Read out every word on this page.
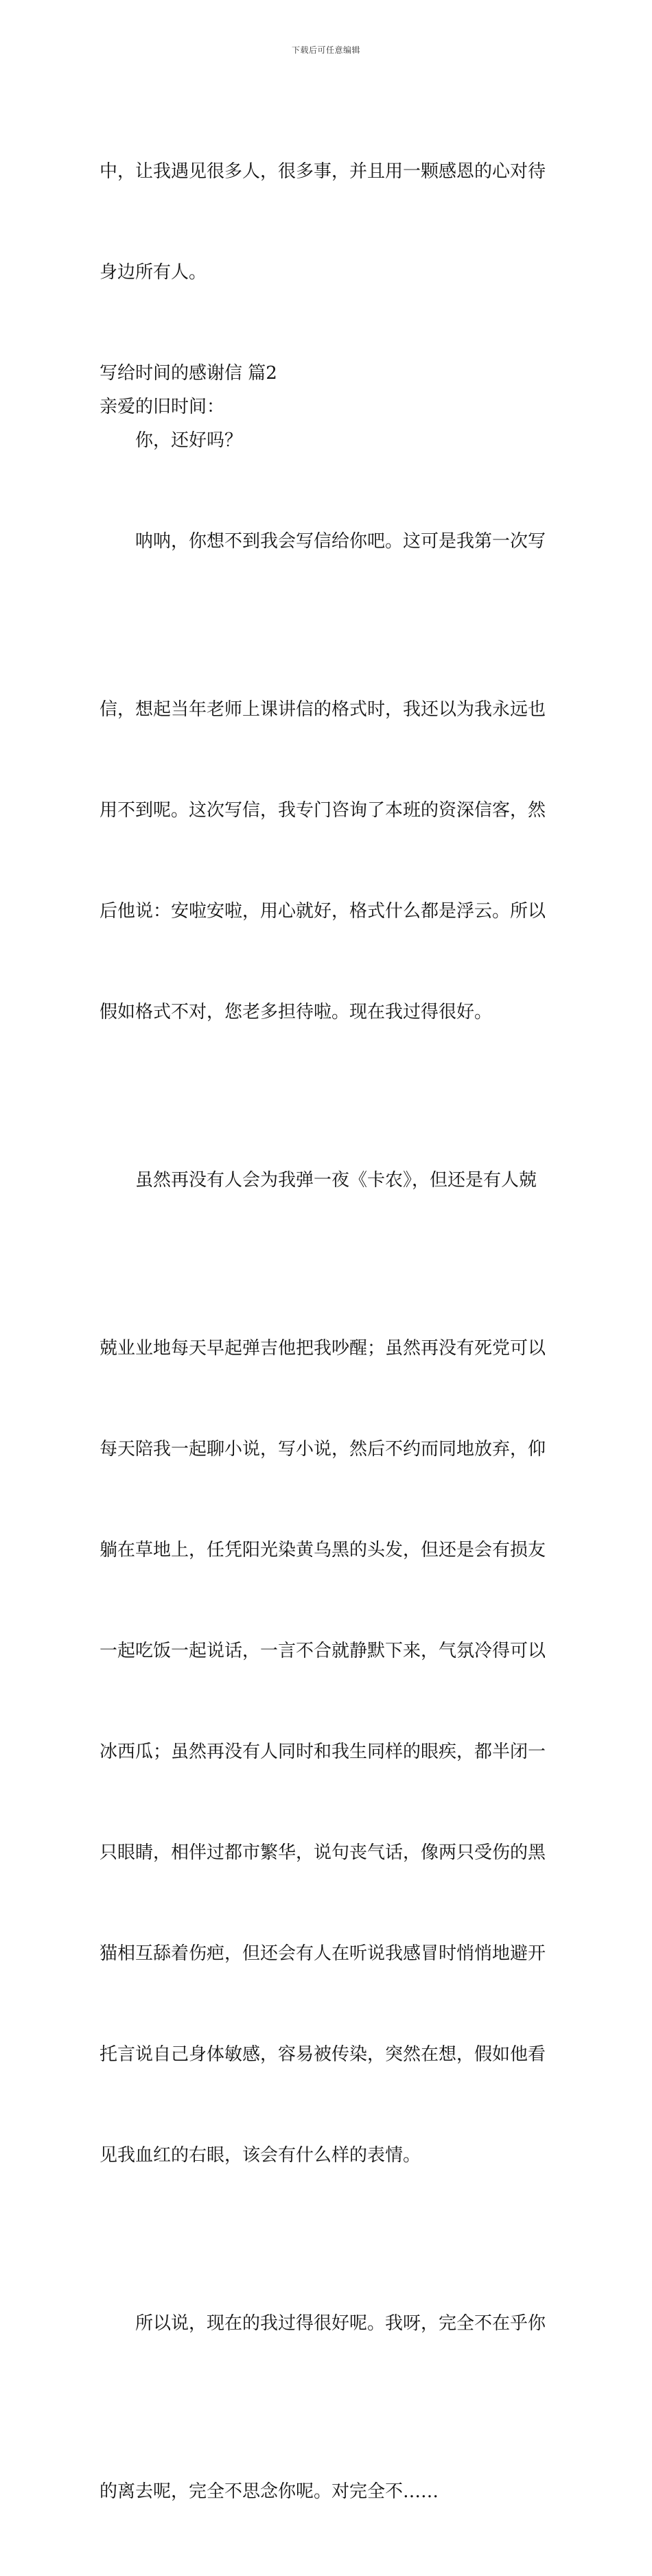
下载后可任意编辑

中，让我遇见很多人，很多事，并且用一颗感恩的心对待

身边所有人。

写给时间的感谢信 篇2

亲爱的旧时间：

你，还好吗？

呐呐，你想不到我会写信给你吧。这可是我第一次写

信，想起当年老师上课讲信的格式时，我还以为我永远也

用不到呢。这次写信，我专门咨询了本班的资深信客，然

后他说：安啦安啦，用心就好，格式什么都是浮云。所以

假如格式不对，您老多担待啦。现在我过得很好。

虽然再没有人会为我弹一夜《卡农》，但还是有人兢

兢业业地每天早起弹吉他把我吵醒；虽然再没有死党可以

每天陪我一起聊小说，写小说，然后不约而同地放弃，仰

躺在草地上，任凭阳光染黄乌黑的头发，但还是会有损友

一起吃饭一起说话，一言不合就静默下来，气氛冷得可以

冰西瓜；虽然再没有人同时和我生同样的眼疾，都半闭一

只眼睛，相伴过都市繁华，说句丧气话，像两只受伤的黑

猫相互舔着伤疤，但还会有人在听说我感冒时悄悄地避开

托言说自己身体敏感，容易被传染，突然在想，假如他看

见我血红的右眼，该会有什么样的表情。

所以说，现在的我过得很好呢。我呀，完全不在乎你

的离去呢，完全不思念你呢。对完全不……
